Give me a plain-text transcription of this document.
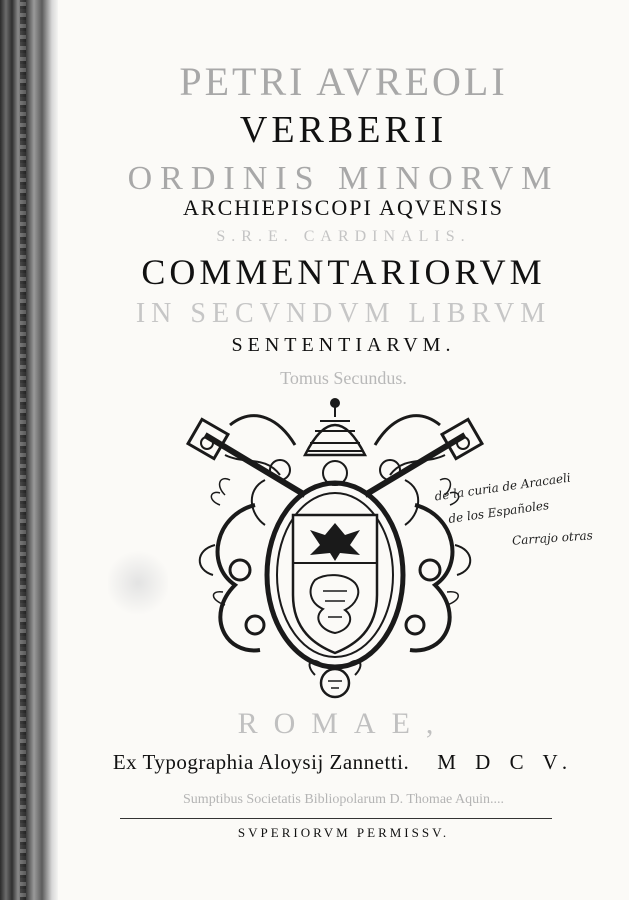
PETRI AVREOLI
VERBERII
ORDINIS MINORVM
ARCHIEPISCOPI AQVENSIS
S.R.E. CARDINALIS.
COMMENTARIORVM
IN SECVNDVM LIBRVM
SENTENTIARVM.
Tomus Secundus.
de la curia de Aracaeli
de los Españoles
Carrajo otras
ROMAE,
Ex Typographia Aloysij Zannetti. M D C V.
Sumptibus Societatis Bibliopolarum D. Thomae Aquin....
SVPERIORVM PERMISSV.
